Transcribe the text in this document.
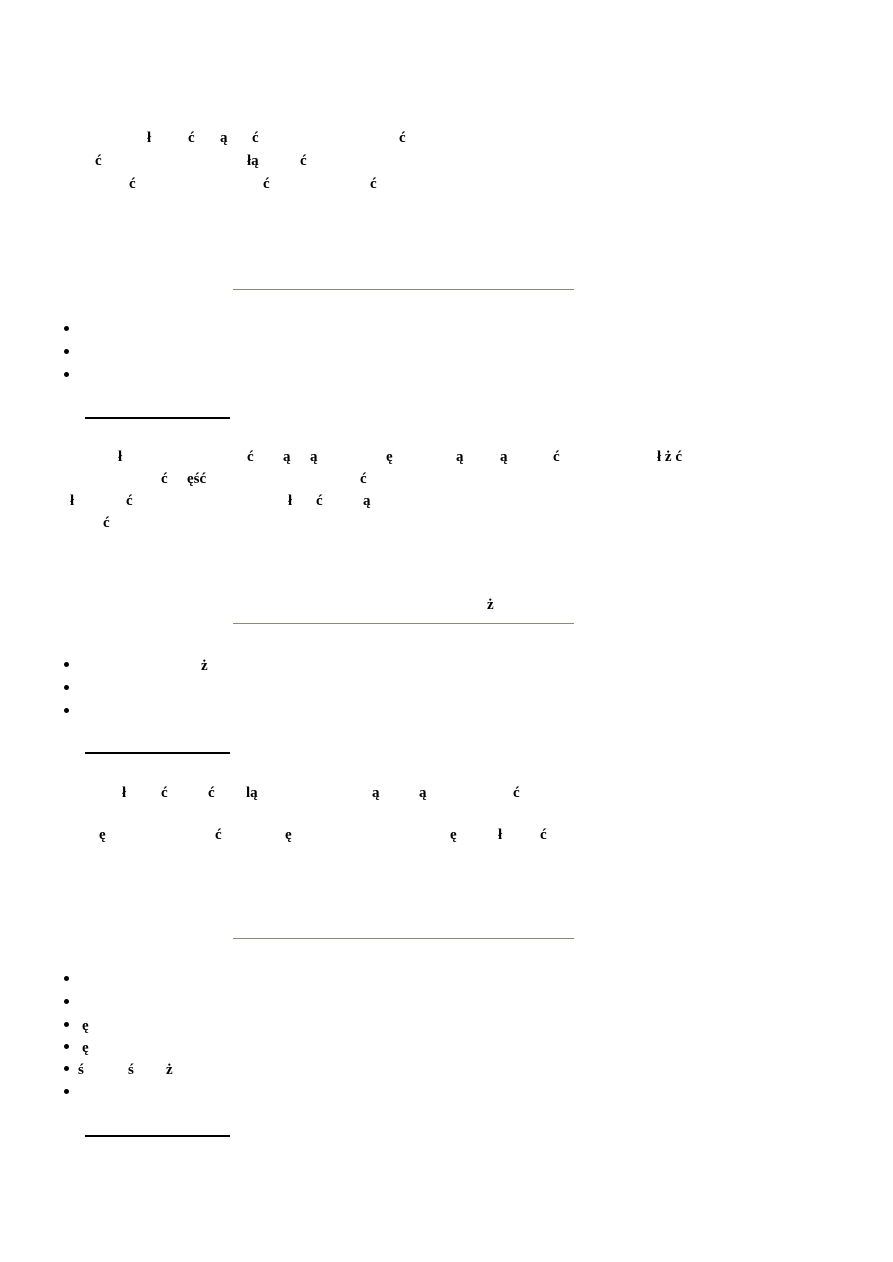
ł ć ą ć	ć
ć	łą	ć
ć	ć	ć
ł	ć ą ą	ę	ą ą	ć	ł ż ć
ć ęść	ć
ł	ć	ł ć	ą
ć
ż
ż
ł ć	ć lą	ą	ą	ć
ę	ć	ę	ę	ł	ć
ę
ę
ś	ś ż
